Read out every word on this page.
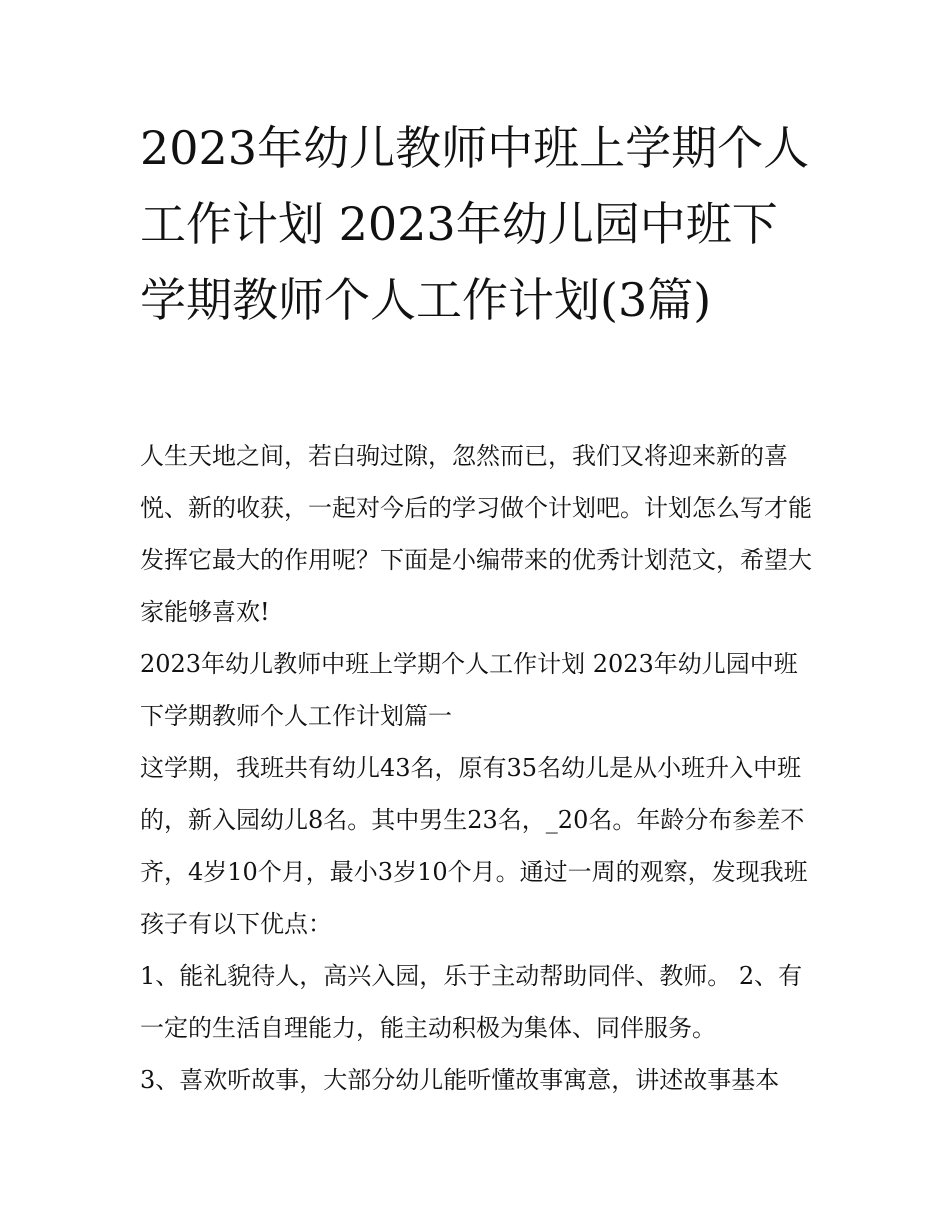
2023年幼儿教师中班上学期个人工作计划 2023年幼儿园中班下学期教师个人工作计划(3篇)

人生天地之间，若白驹过隙，忽然而已，我们又将迎来新的喜悦、新的收获，一起对今后的学习做个计划吧。计划怎么写才能发挥它最大的作用呢？下面是小编带来的优秀计划范文，希望大家能够喜欢!

2023年幼儿教师中班上学期个人工作计划 2023年幼儿园中班下学期教师个人工作计划篇一

这学期，我班共有幼儿43名，原有35名幼儿是从小班升入中班的，新入园幼儿8名。其中男生23名，_20名。年龄分布参差不齐，4岁10个月，最小3岁10个月。通过一周的观察，发现我班孩子有以下优点：

1、能礼貌待人，高兴入园，乐于主动帮助同伴、教师。 2、有一定的生活自理能力，能主动积极为集体、同伴服务。

3、喜欢听故事，大部分幼儿能听懂故事寓意，讲述故事基本
